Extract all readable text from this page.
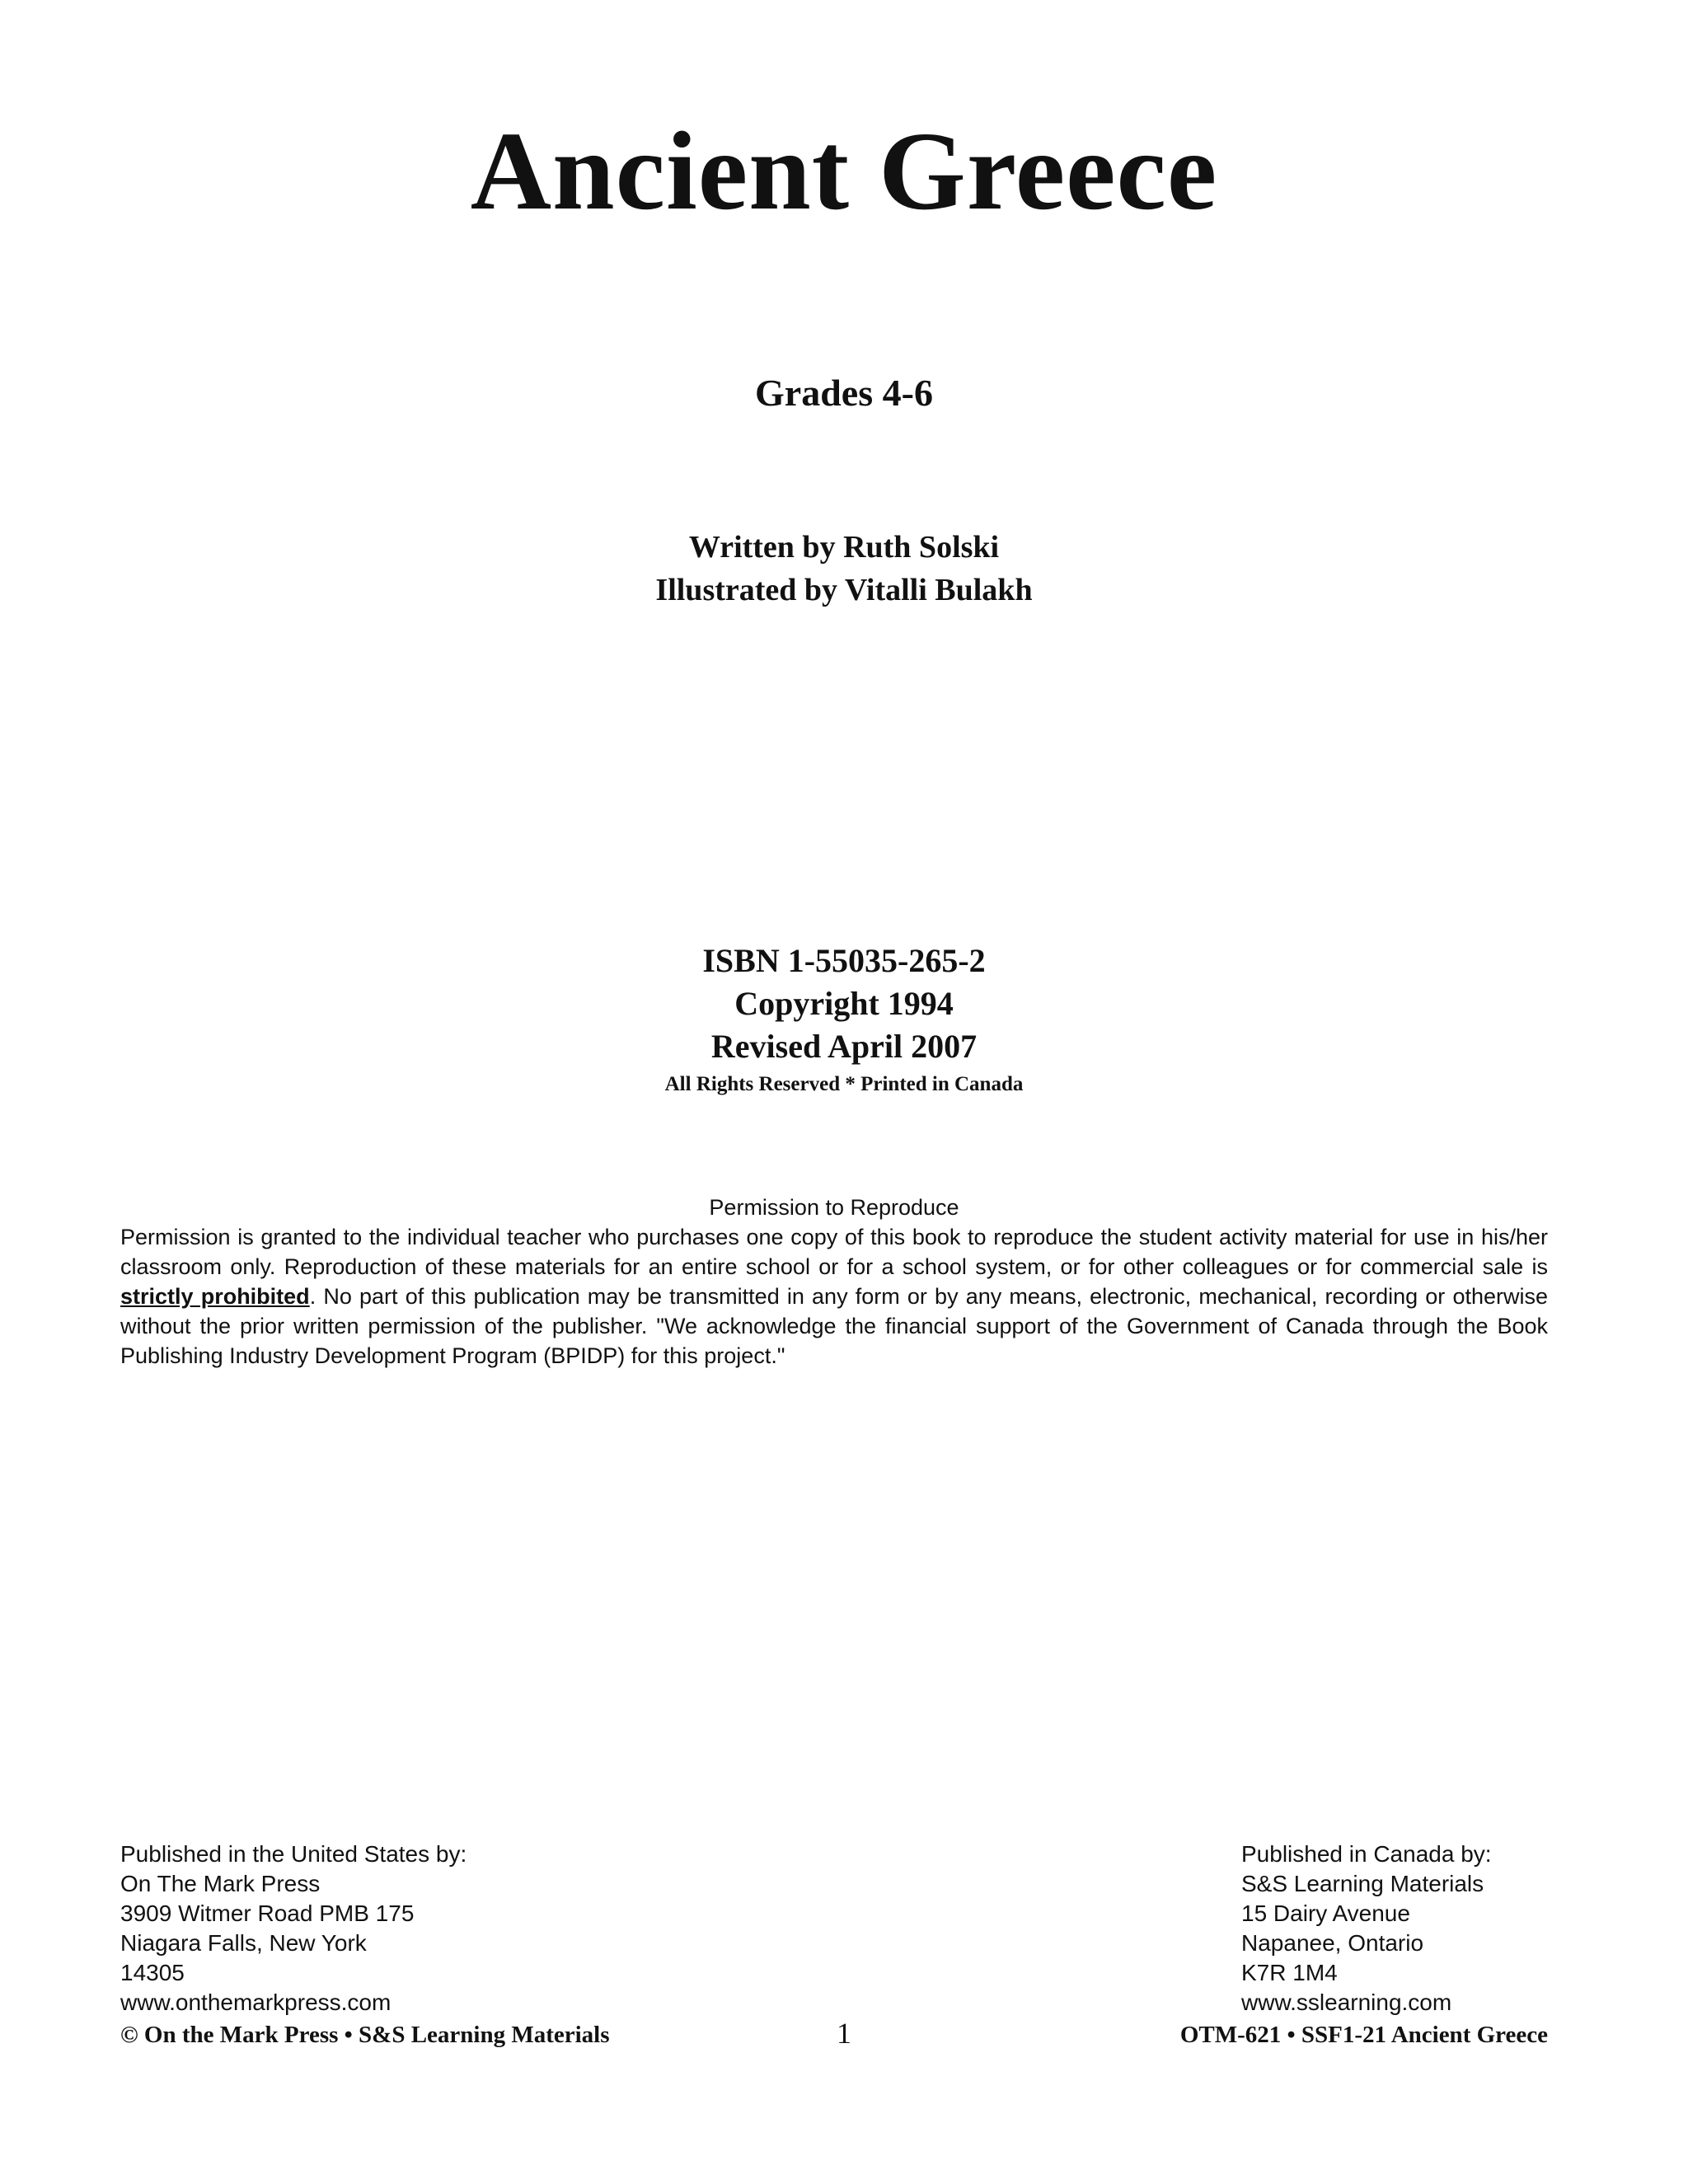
Ancient Greece
Grades 4-6
Written by Ruth Solski
Illustrated by Vitalli Bulakh
ISBN 1-55035-265-2
Copyright 1994
Revised April 2007
All Rights Reserved * Printed in Canada
Permission to Reproduce

Permission is granted to the individual teacher who purchases one copy of this book to reproduce the student activity material for use in his/her classroom only. Reproduction of these materials for an entire school or for a school system, or for other colleagues or for commercial sale is strictly prohibited. No part of this publication may be transmitted in any form or by any means, electronic, mechanical, recording or otherwise without the prior written permission of the publisher. "We acknowledge the financial support of the Government of Canada through the Book Publishing Industry Development Program (BPIDP) for this project."

Published in the United States by:
On The Mark Press
3909 Witmer Road PMB 175
Niagara Falls, New York
14305
www.onthemarkpress.com
Published in Canada by:
S&S Learning Materials
15 Dairy Avenue
Napanee, Ontario
K7R 1M4
www.sslearning.com
© On the Mark Press • S&S Learning Materials	1	OTM-621 • SSF1-21 Ancient Greece
